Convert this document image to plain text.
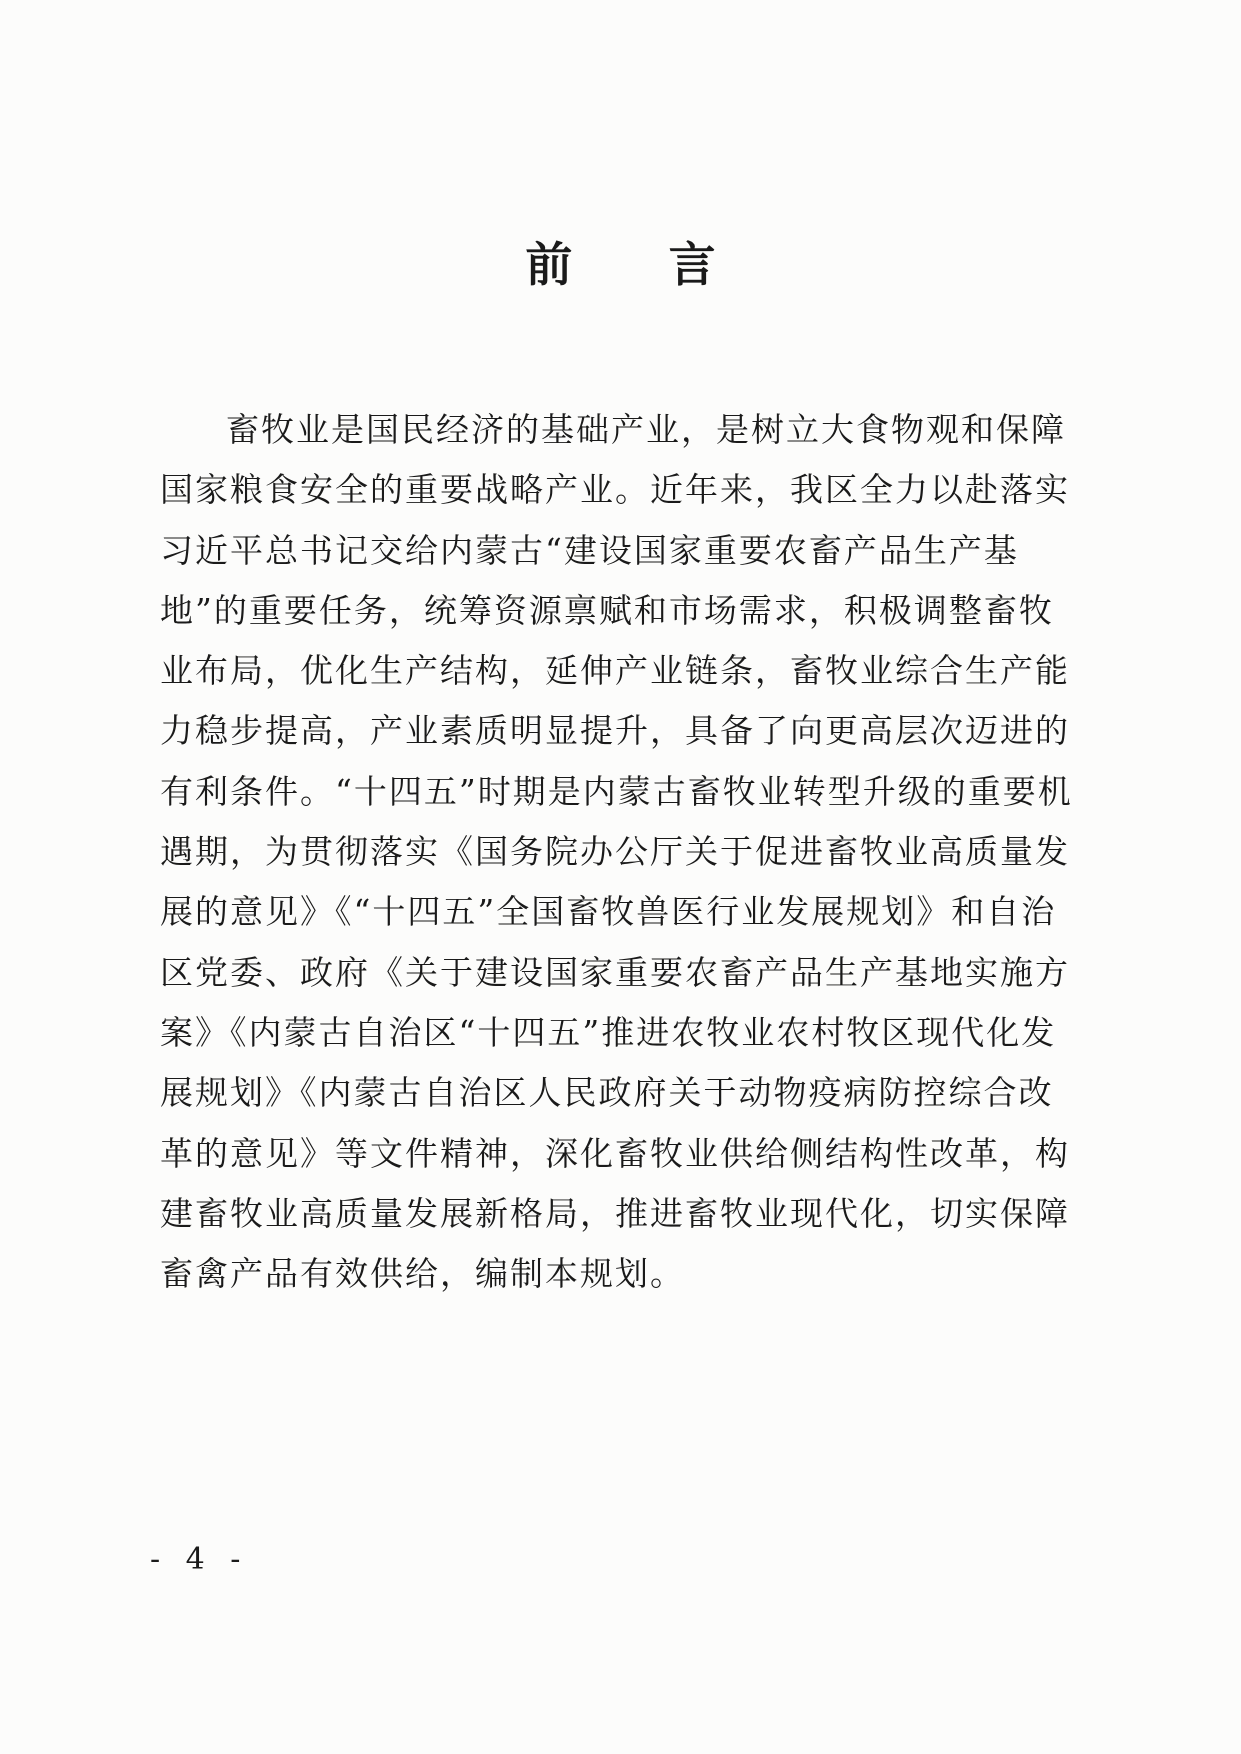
前 言

畜牧业是国民经济的基础产业，是树立大食物观和保障国家粮食安全的重要战略产业。近年来，我区全力以赴落实习近平总书记交给内蒙古“建设国家重要农畜产品生产基地”的重要任务，统筹资源禀赋和市场需求，积极调整畜牧业布局，优化生产结构，延伸产业链条，畜牧业综合生产能力稳步提高，产业素质明显提升，具备了向更高层次迈进的有利条件。“十四五”时期是内蒙古畜牧业转型升级的重要机遇期，为贯彻落实《国务院办公厅关于促进畜牧业高质量发展的意见》《“十四五”全国畜牧兽医行业发展规划》和自治区党委、政府《关于建设国家重要农畜产品生产基地实施方案》《内蒙古自治区“十四五”推进农牧业农村牧区现代化发展规划》《内蒙古自治区人民政府关于动物疫病防控综合改革的意见》等文件精神，深化畜牧业供给侧结构性改革，构建畜牧业高质量发展新格局，推进畜牧业现代化，切实保障畜禽产品有效供给，编制本规划。

- 4 -
